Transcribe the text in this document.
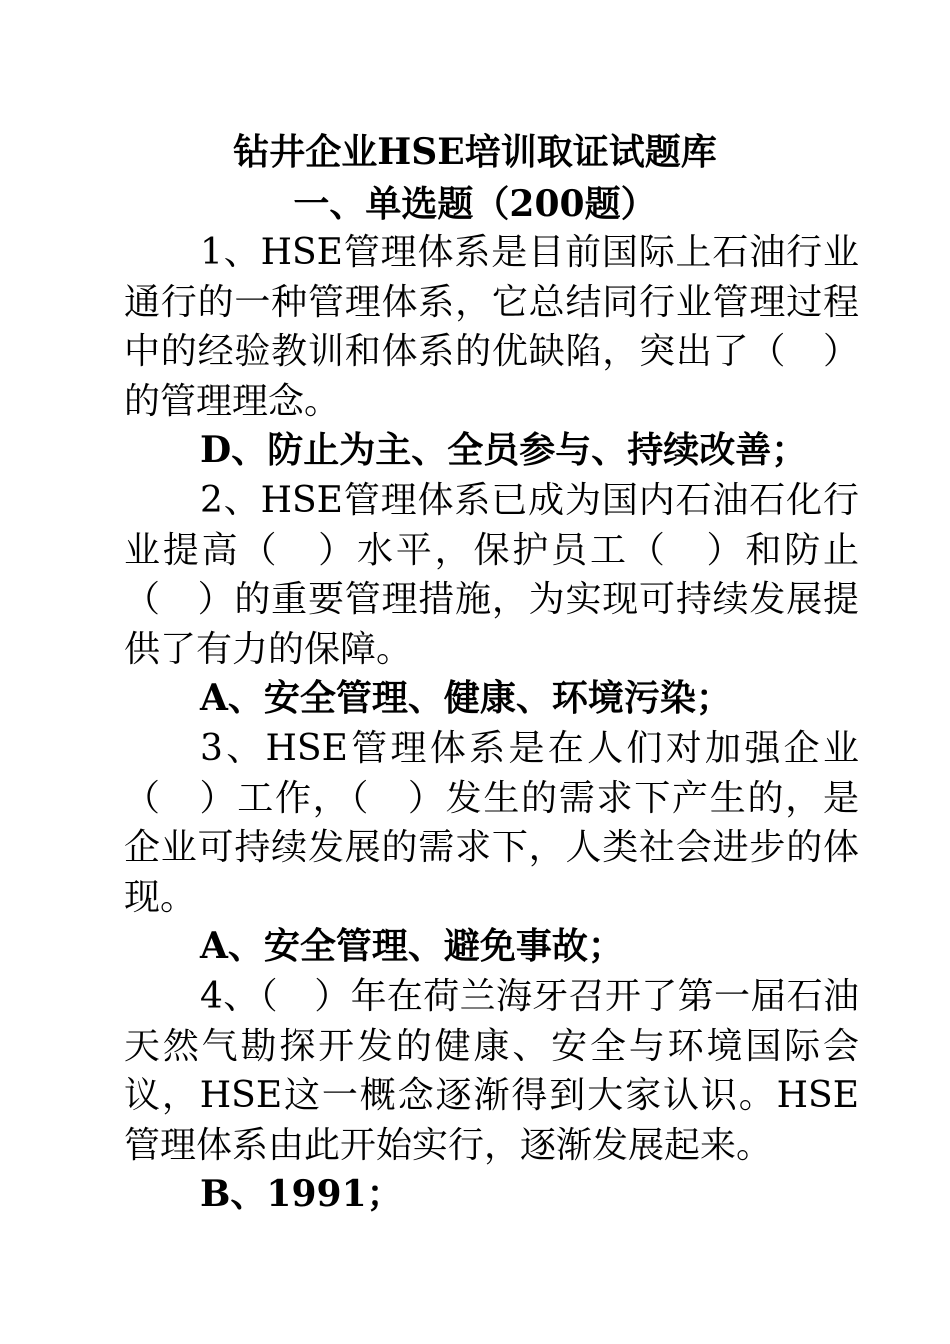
钻井企业HSE培训取证试题库
一、单选题（200题）

1、HSE管理体系是目前国际上石油行业通行的一种管理体系，它总结同行业管理过程中的经验教训和体系的优缺陷，突出了（　）的管理理念。

D、防止为主、全员参与、持续改善；

2、HSE管理体系已成为国内石油石化行业提高（　）水平，保护员工（　）和防止（　）的重要管理措施，为实现可持续发展提供了有力的保障。

A、安全管理、健康、环境污染；

3、HSE管理体系是在人们对加强企业（　）工作，（　）发生的需求下产生的，是企业可持续发展的需求下，人类社会进步的体现。

A、安全管理、避免事故；

4、（　）年在荷兰海牙召开了第一届石油天然气勘探开发的健康、安全与环境国际会议，HSE这一概念逐渐得到大家认识。HSE管理体系由此开始实行，逐渐发展起来。

B、1991；
